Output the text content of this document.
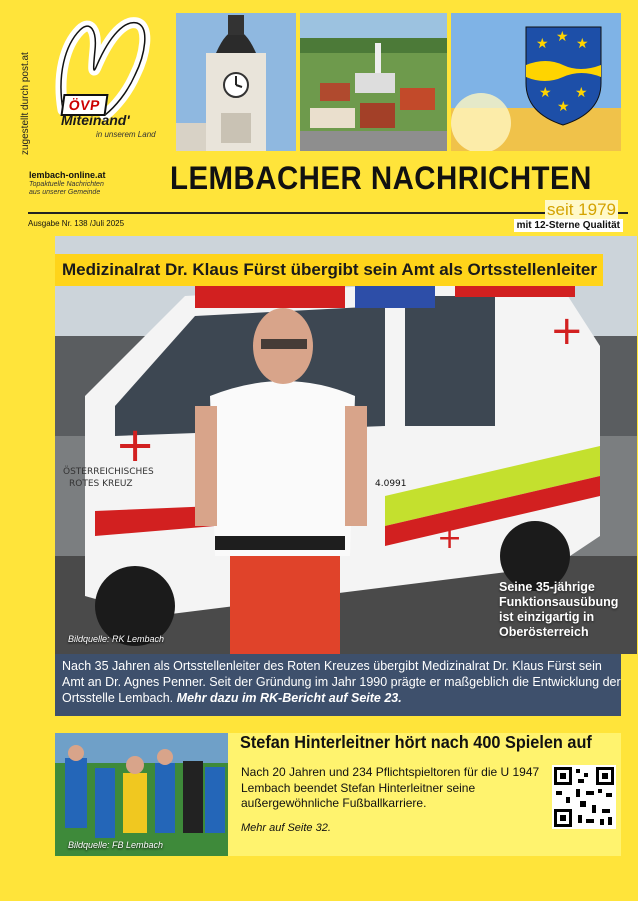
zugestellt durch post.at	ÖVP
Miteinand'
in unserem Land
★ ★ ★
★
★
★
lembach-online.at
Topaktuelle Nachrichten
aus unserer Gemeinde	LEMBACHER NACHRICHTEN
seit 1979
mit 12-Sterne Qualität
Ausgabe Nr. 138 /Juli 2025
+
+
+
ÖSTERREICHISCHES
ROTES KREUZ	4.0991
Medizinalrat Dr. Klaus Fürst übergibt sein Amt als Ortsstellenleiter
Seine 35-jährige Funktionsausübung ist einzigartig in Oberösterreich
Bildquelle: RK Lembach

Nach 35 Jahren als Ortsstellenleiter des Roten Kreuzes übergibt Medizinalrat Dr. Klaus Fürst sein Amt an Dr. Agnes Penner. Seit der Gründung im Jahr 1990 prägte er maßgeblich die Entwicklung der Ortsstelle Lembach. Mehr dazu im RK-Bericht auf Seite 23.

Stefan Hinterleitner hört nach 400 Spielen auf
Nach 20 Jahren und 234 Pflichtspieltoren für die U 1947 Lembach beendet Stefan Hinterleitner seine außergewöhnliche Fußballkarriere.
Mehr auf Seite 32.
Bildquelle: FB Lembach
